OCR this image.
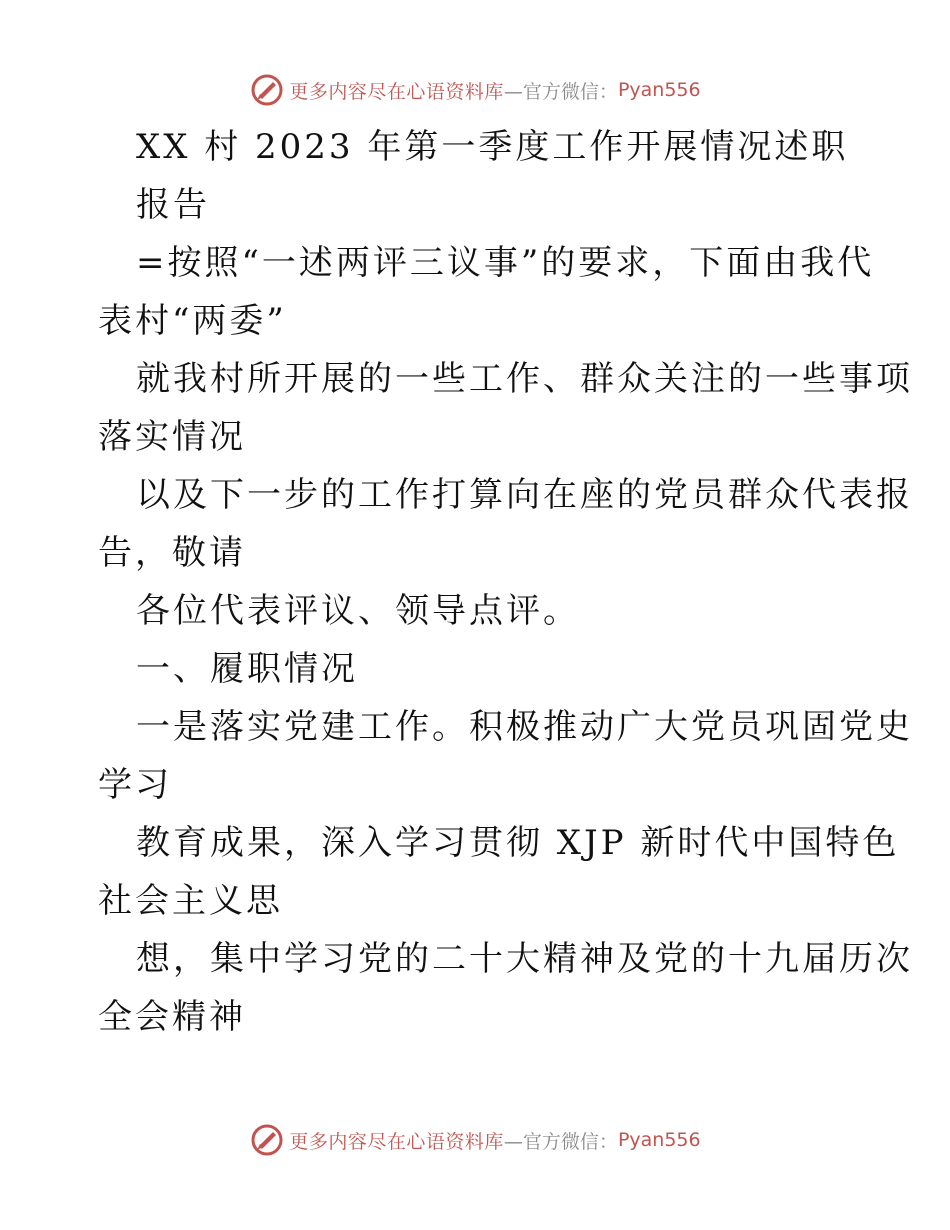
更多内容尽在心语资料库 —官方微信： Pyan556
XX 村 2023 年第一季度工作开展情况述职
报告
=按照“一述两评三议事”的要求，下面由我代
表村“两委”
就我村所开展的一些工作、群众关注的一些事项
落实情况
以及下一步的工作打算向在座的党员群众代表报
告，敬请
各位代表评议、领导点评。
一、履职情况
一是落实党建工作。积极推动广大党员巩固党史
学习
教育成果，深入学习贯彻 XJP 新时代中国特色
社会主义思
想，集中学习党的二十大精神及党的十九届历次
全会精神
更多内容尽在心语资料库 —官方微信： Pyan556
